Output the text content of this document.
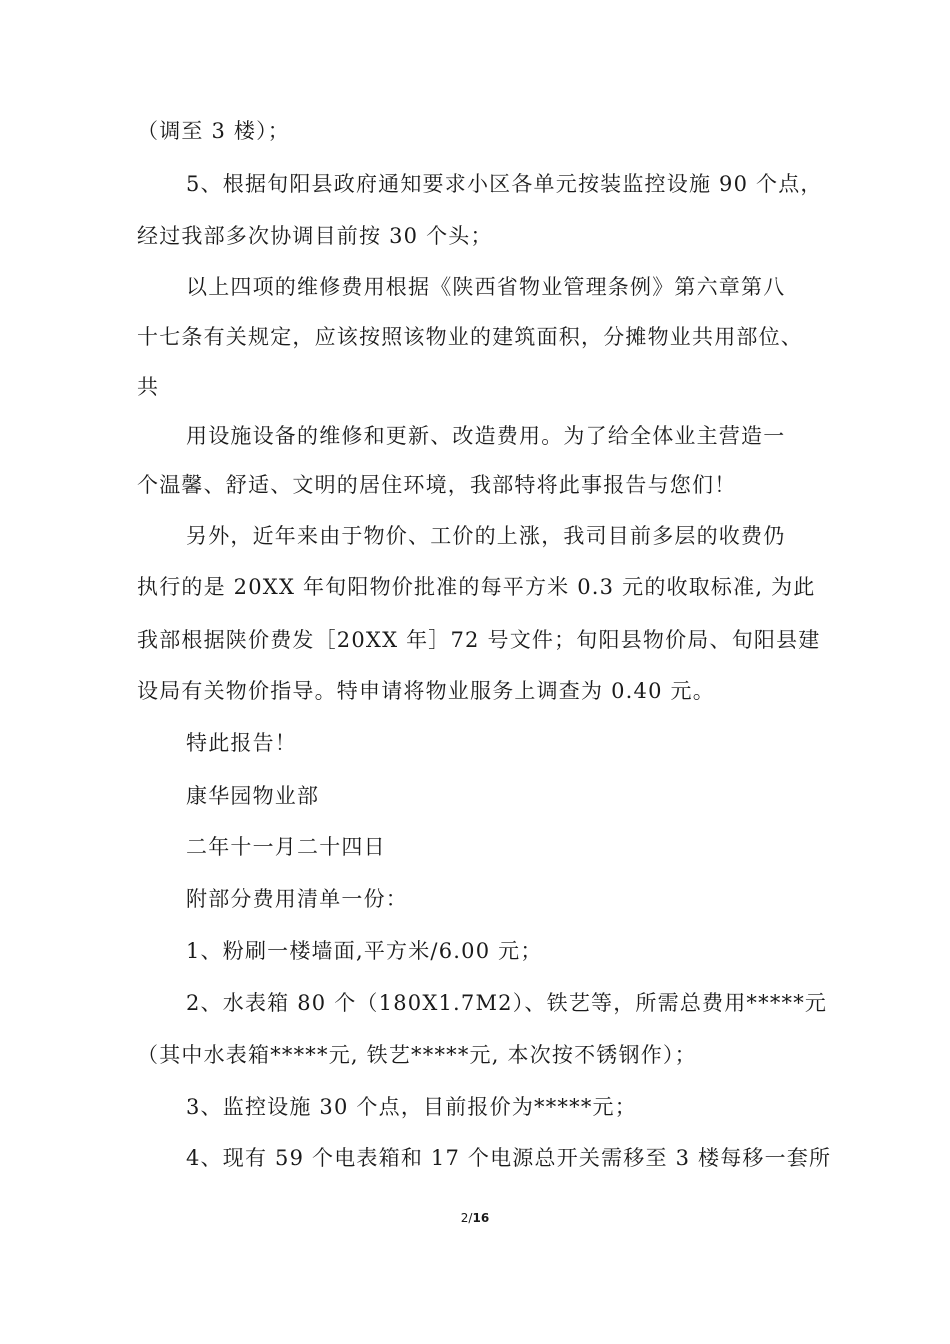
（调至 3 楼）；
5、根据旬阳县政府通知要求小区各单元按装监控设施 90 个点，
经过我部多次协调目前按 30 个头；
以上四项的维修费用根据《陕西省物业管理条例》第六章第八
十七条有关规定，应该按照该物业的建筑面积，分摊物业共用部位、
共
用设施设备的维修和更新、改造费用。为了给全体业主营造一
个温馨、舒适、文明的居住环境，我部特将此事报告与您们！
另外，近年来由于物价、工价的上涨，我司目前多层的收费仍
执行的是 20XX 年旬阳物价批准的每平方米 0.3 元的收取标准, 为此
我部根据陕价费发［20XX 年］72 号文件；旬阳县物价局、旬阳县建
设局有关物价指导。特申请将物业服务上调查为 0.40 元。
特此报告！
康华园物业部
二年十一月二十四日
附部分费用清单一份：
1、粉刷一楼墙面,平方米/6.00 元；
2、水表箱 80 个（180X1.7M2）、铁艺等，所需总费用*****元
（其中水表箱*****元, 铁艺*****元, 本次按不锈钢作）；
3、监控设施 30 个点，目前报价为*****元；
4、现有 59 个电表箱和 17 个电源总开关需移至 3 楼每移一套所
2/16
